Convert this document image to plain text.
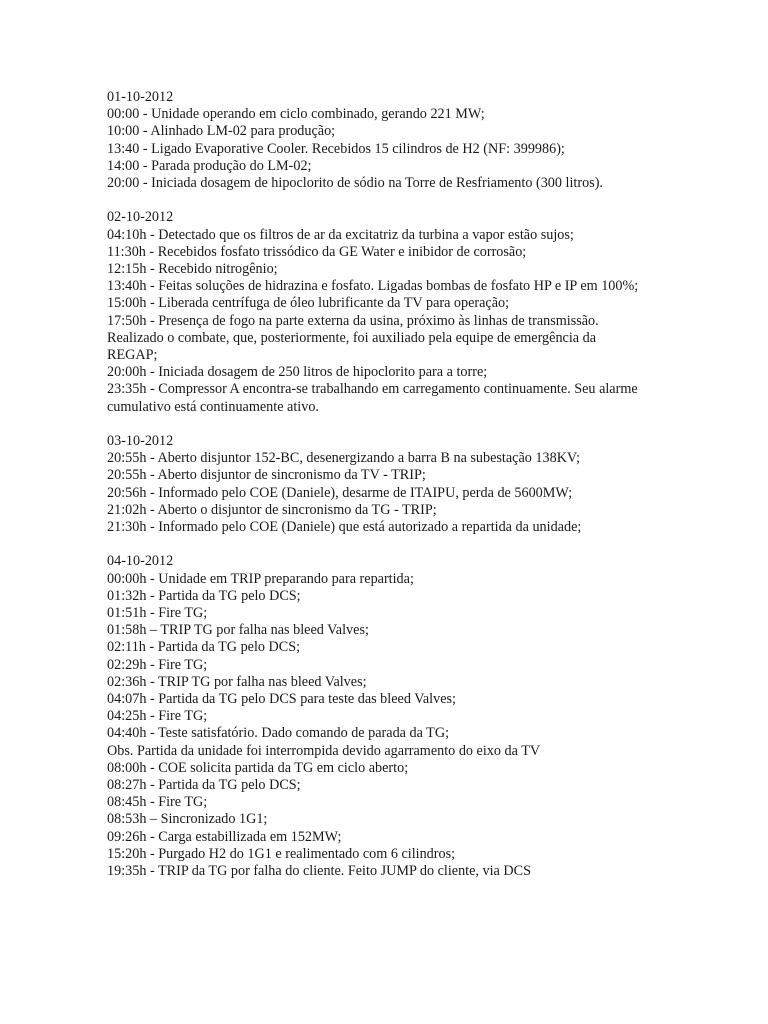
01-10-2012
00:00 - Unidade operando em ciclo combinado, gerando 221 MW;
10:00 - Alinhado LM-02 para produção;
13:40 - Ligado Evaporative Cooler. Recebidos 15 cilindros de H2 (NF: 399986);
14:00 - Parada produção do LM-02;
20:00 - Iniciada dosagem de hipoclorito de sódio na Torre de Resfriamento (300 litros).
02-10-2012
04:10h - Detectado que os filtros de ar da excitatriz da turbina a vapor estão sujos;
11:30h - Recebidos fosfato trissódico da GE Water e inibidor de corrosão;
12:15h - Recebido nitrogênio;
13:40h - Feitas soluções de hidrazina e fosfato. Ligadas bombas de fosfato HP e IP em 100%;
15:00h - Liberada centrífuga de óleo lubrificante da TV para operação;
17:50h - Presença de fogo na parte externa da usina, próximo às linhas de transmissão. Realizado o combate, que, posteriormente, foi auxiliado pela equipe de emergência da REGAP;
20:00h - Iniciada dosagem de 250 litros de hipoclorito para a torre;
23:35h - Compressor A encontra-se trabalhando em carregamento continuamente. Seu alarme cumulativo está continuamente ativo.
03-10-2012
20:55h - Aberto disjuntor 152-BC, desenergizando a barra B na subestação 138KV;
20:55h - Aberto disjuntor de sincronismo da TV - TRIP;
20:56h - Informado pelo COE (Daniele), desarme de ITAIPU, perda de 5600MW;
21:02h - Aberto o disjuntor de sincronismo da TG - TRIP;
21:30h - Informado pelo COE (Daniele) que está autorizado a repartida da unidade;
04-10-2012
00:00h - Unidade em TRIP preparando para repartida;
01:32h - Partida da TG pelo DCS;
01:51h - Fire TG;
01:58h – TRIP TG por falha nas bleed Valves;
02:11h - Partida da TG pelo DCS;
02:29h - Fire TG;
02:36h - TRIP TG por falha nas bleed Valves;
04:07h - Partida da TG pelo DCS para teste das bleed Valves;
04:25h - Fire TG;
04:40h - Teste satisfatório. Dado comando de parada da TG;
Obs. Partida da unidade foi interrompida devido agarramento do eixo da TV
08:00h - COE solicita partida da TG em ciclo aberto;
08:27h - Partida da TG pelo DCS;
08:45h - Fire TG;
08:53h – Sincronizado 1G1;
09:26h - Carga estabillizada em 152MW;
15:20h - Purgado H2 do 1G1 e realimentado com 6 cilindros;
19:35h - TRIP da TG por falha do cliente. Feito JUMP do cliente, via DCS
